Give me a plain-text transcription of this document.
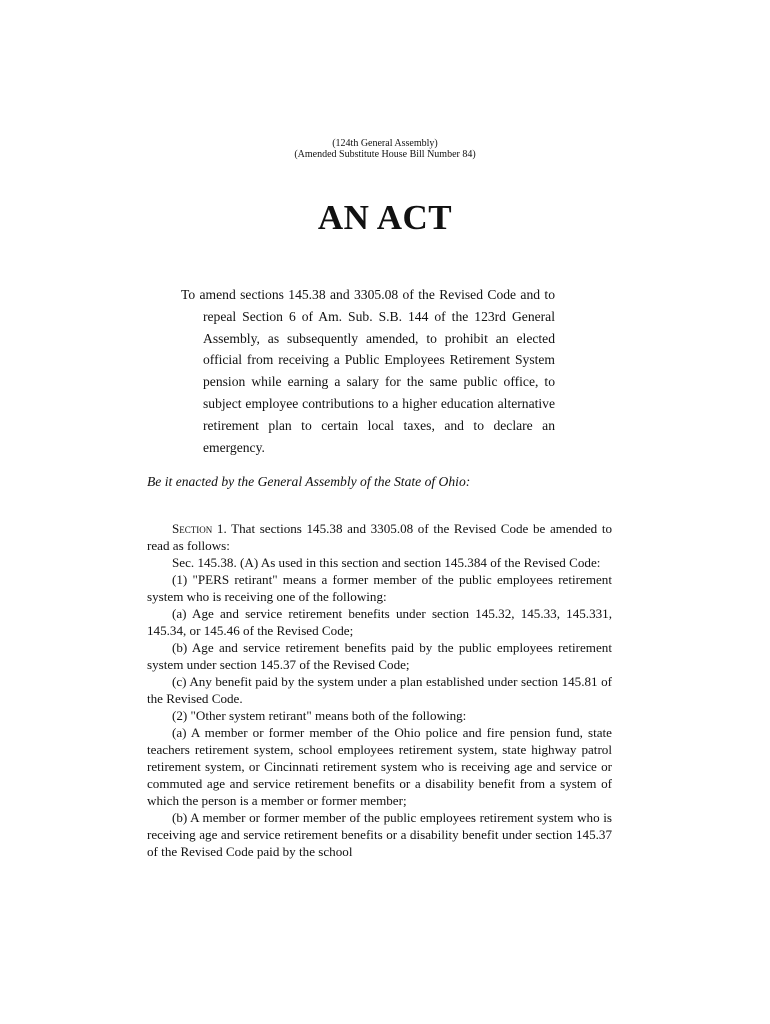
(124th General Assembly)
(Amended Substitute House Bill Number 84)
AN ACT
To amend sections 145.38 and 3305.08 of the Revised Code and to repeal Section 6 of Am. Sub. S.B. 144 of the 123rd General Assembly, as subsequently amended, to prohibit an elected official from receiving a Public Employees Retirement System pension while earning a salary for the same public office, to subject employee contributions to a higher education alternative retirement plan to certain local taxes, and to declare an emergency.
Be it enacted by the General Assembly of the State of Ohio:

Section 1. That sections 145.38 and 3305.08 of the Revised Code be amended to read as follows:

Sec. 145.38. (A) As used in this section and section 145.384 of the Revised Code:

(1) "PERS retirant" means a former member of the public employees retirement system who is receiving one of the following:

(a) Age and service retirement benefits under section 145.32, 145.33, 145.331, 145.34, or 145.46 of the Revised Code;

(b) Age and service retirement benefits paid by the public employees retirement system under section 145.37 of the Revised Code;

(c) Any benefit paid by the system under a plan established under section 145.81 of the Revised Code.

(2) "Other system retirant" means both of the following:

(a) A member or former member of the Ohio police and fire pension fund, state teachers retirement system, school employees retirement system, state highway patrol retirement system, or Cincinnati retirement system who is receiving age and service or commuted age and service retirement benefits or a disability benefit from a system of which the person is a member or former member;

(b) A member or former member of the public employees retirement system who is receiving age and service retirement benefits or a disability benefit under section 145.37 of the Revised Code paid by the school
